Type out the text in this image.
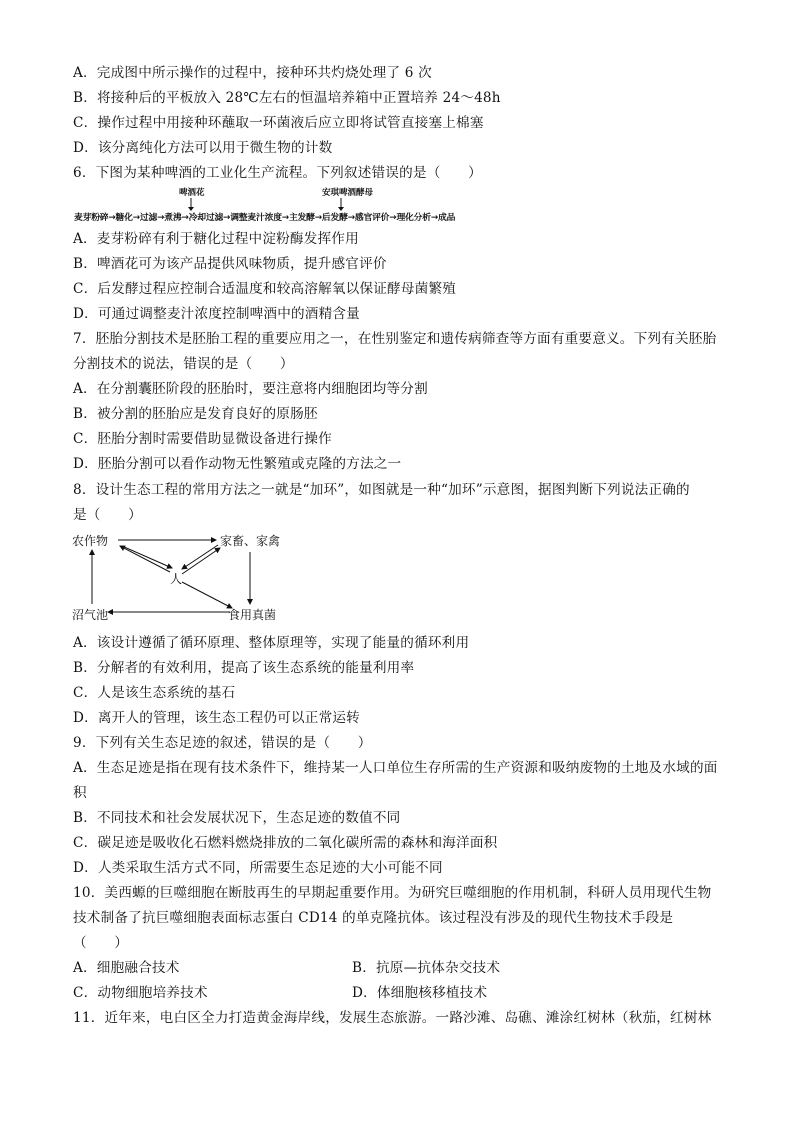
A．完成图中所示操作的过程中，接种环共灼烧处理了 6 次
B．将接种后的平板放入 28℃左右的恒温培养箱中正置培养 24～48h
C．操作过程中用接种环蘸取一环菌液后应立即将试管直接塞上棉塞
D．该分离纯化方法可以用于微生物的计数
6．下图为某种啤酒的工业化生产流程。下列叙述错误的是（　　）
啤酒花	安琪啤酒酵母
麦芽粉碎→糖化→过滤→煮沸→冷却过滤→调整麦汁浓度→主发酵→后发酵→感官评价→理化分析→成品
A．麦芽粉碎有利于糖化过程中淀粉酶发挥作用
B．啤酒花可为该产品提供风味物质，提升感官评价
C．后发酵过程应控制合适温度和较高溶解氧以保证酵母菌繁殖
D．可通过调整麦汁浓度控制啤酒中的酒精含量
7．胚胎分割技术是胚胎工程的重要应用之一，在性别鉴定和遗传病筛查等方面有重要意义。下列有关胚胎
分割技术的说法，错误的是（　　）
A．在分割囊胚阶段的胚胎时，要注意将内细胞团均等分割
B．被分割的胚胎应是发育良好的原肠胚
C．胚胎分割时需要借助显微设备进行操作
D．胚胎分割可以看作动物无性繁殖或克隆的方法之一
8．设计生态工程的常用方法之一就是“加环”，如图就是一种“加环”示意图，据图判断下列说法正确的
是（　　）
农作物	家畜、家禽
人
沼气池	食用真菌
A．该设计遵循了循环原理、整体原理等，实现了能量的循环利用
B．分解者的有效利用，提高了该生态系统的能量利用率
C．人是该生态系统的基石
D．离开人的管理，该生态工程仍可以正常运转
9．下列有关生态足迹的叙述，错误的是（　　）
A．生态足迹是指在现有技术条件下，维持某一人口单位生存所需的生产资源和吸纳废物的土地及水域的面
积
B．不同技术和社会发展状况下，生态足迹的数值不同
C．碳足迹是吸收化石燃料燃烧排放的二氧化碳所需的森林和海洋面积
D．人类采取生活方式不同，所需要生态足迹的大小可能不同
10．美西螈的巨噬细胞在断肢再生的早期起重要作用。为研究巨噬细胞的作用机制，科研人员用现代生物
技术制备了抗巨噬细胞表面标志蛋白 CD14 的单克隆抗体。该过程没有涉及的现代生物技术手段是
（　　）
A．细胞融合技术	B．抗原—抗体杂交技术
C．动物细胞培养技术	D．体细胞核移植技术
11．近年来，电白区全力打造黄金海岸线，发展生态旅游。一路沙滩、岛礁、滩涂红树林（秋茄，红树林
